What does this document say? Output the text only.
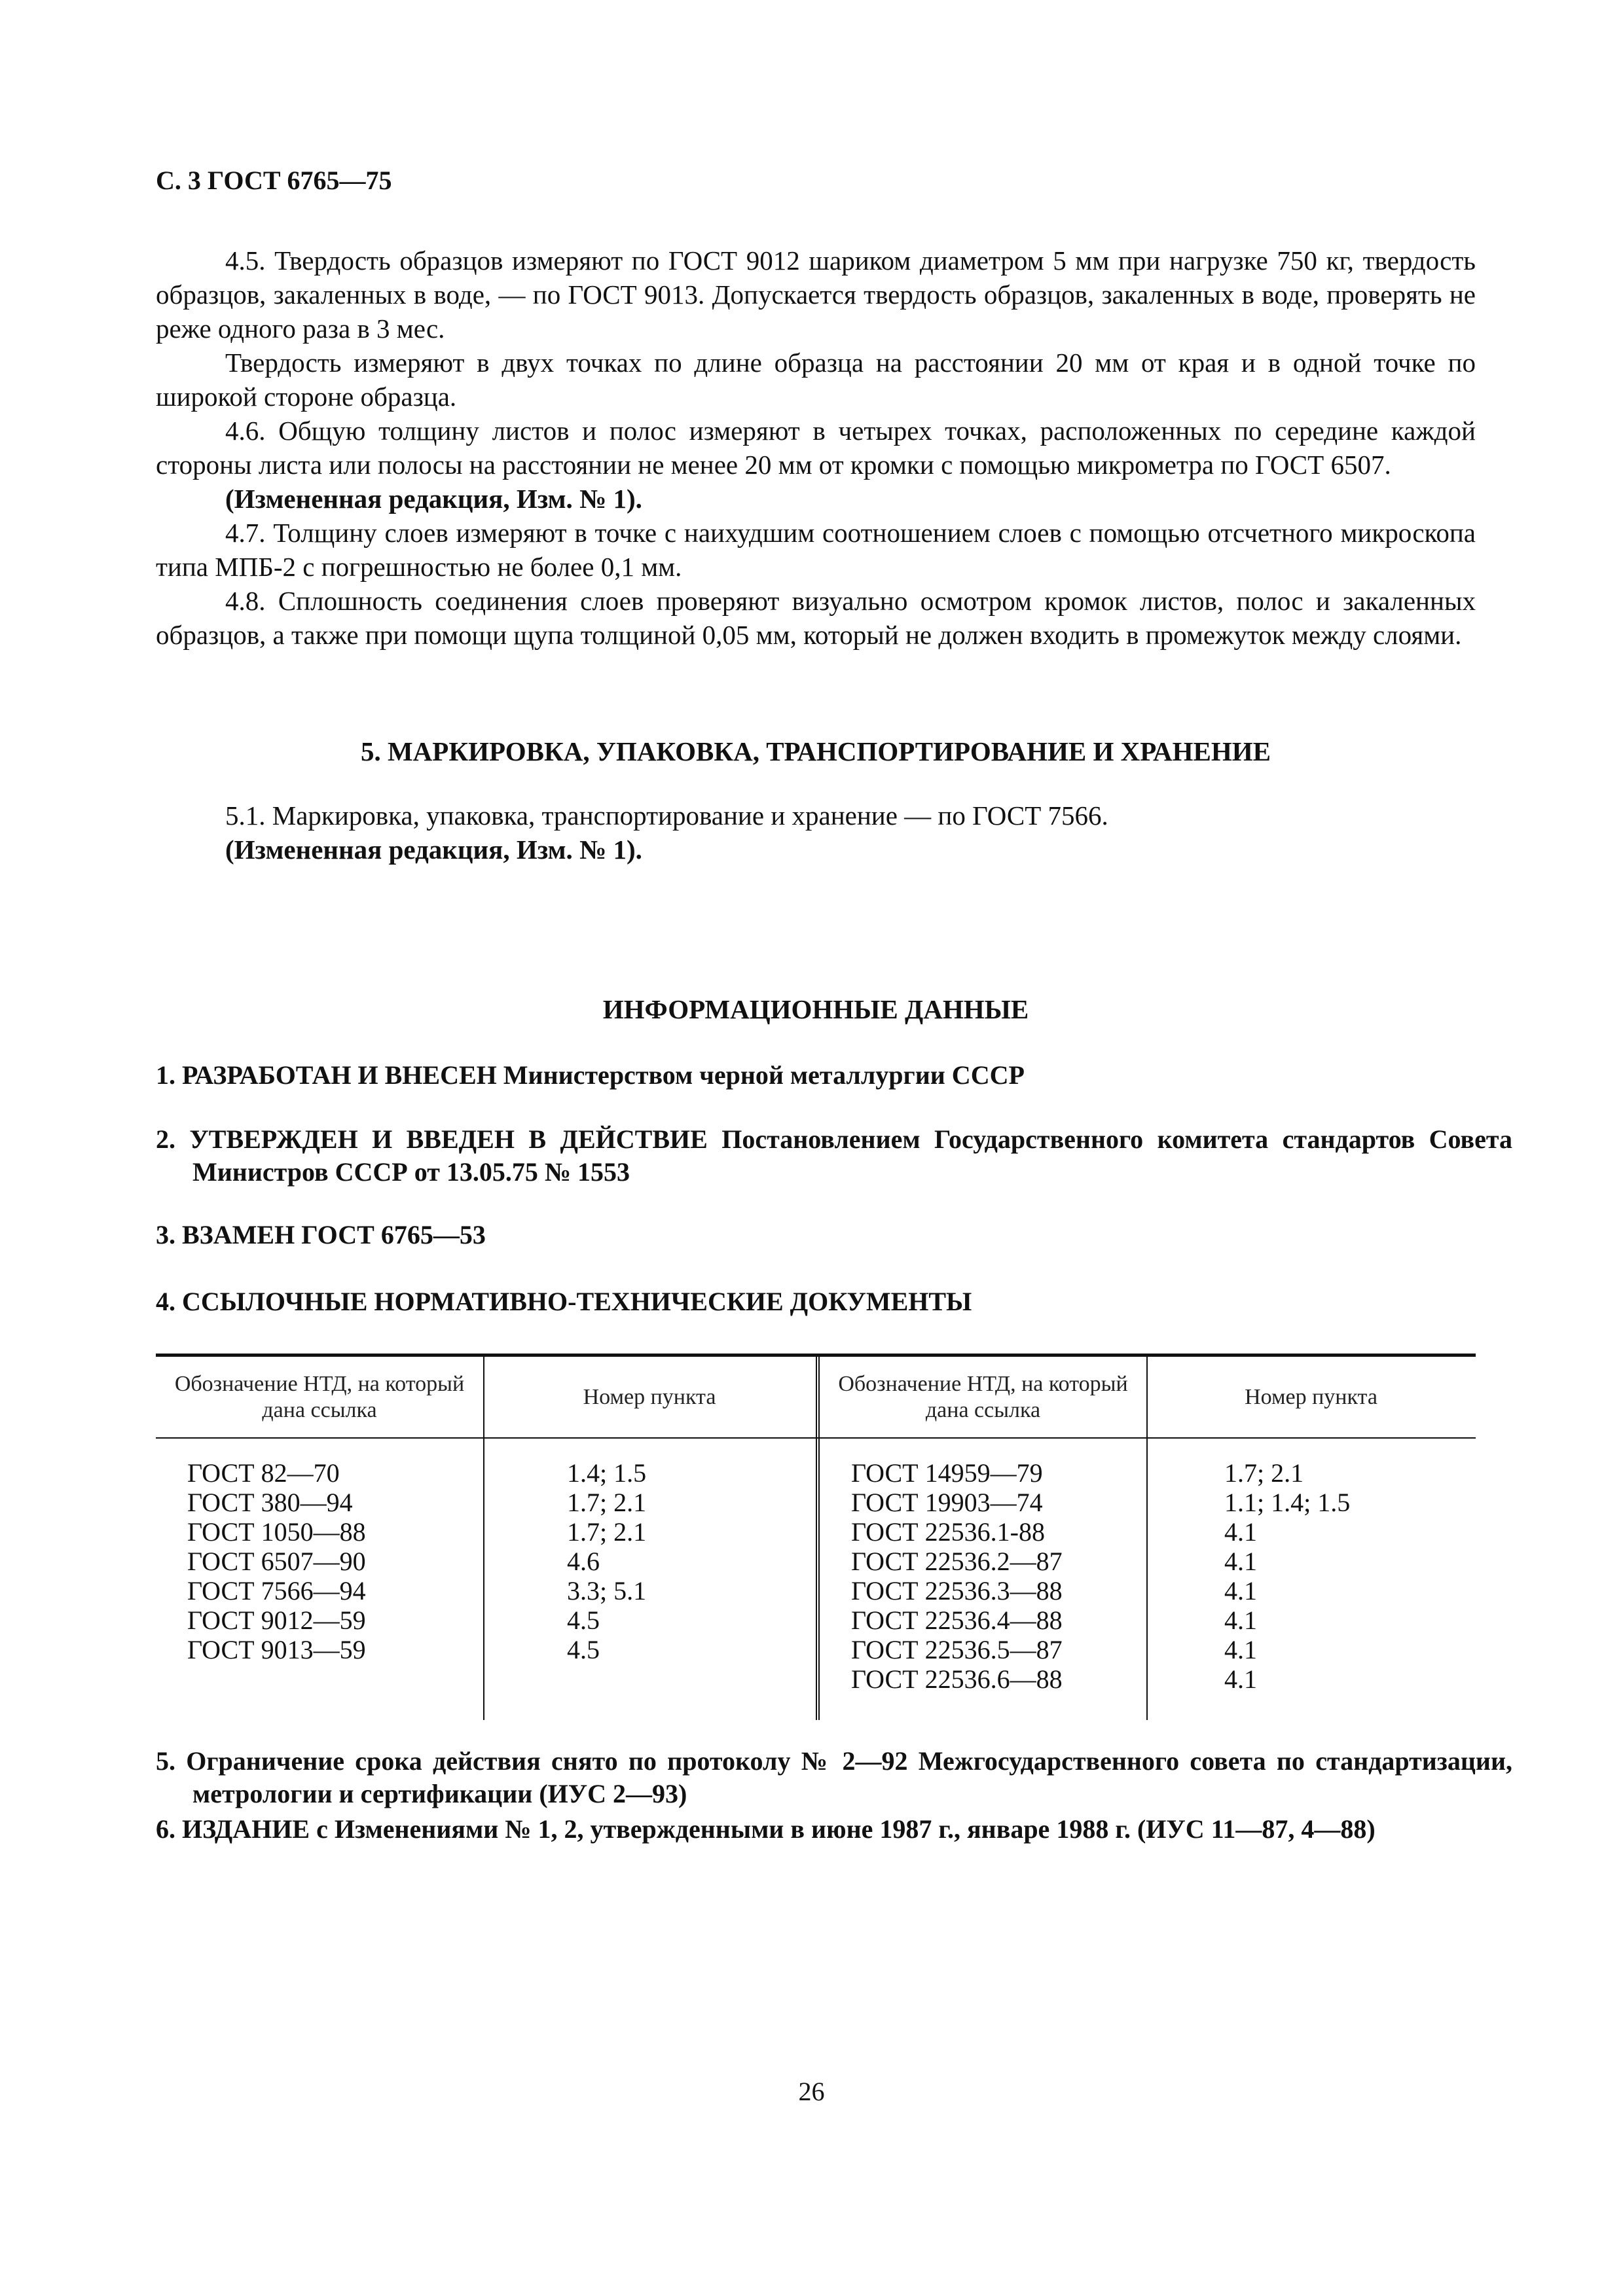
С. 3 ГОСТ 6765—75

4.5. Твердость образцов измеряют по ГОСТ 9012 шариком диаметром 5 мм при нагрузке 750 кг, твердость образцов, закаленных в воде, — по ГОСТ 9013. Допускается твердость образцов, закаленных в воде, проверять не реже одного раза в 3 мес.

Твердость измеряют в двух точках по длине образца на расстоянии 20 мм от края и в одной точке по широкой стороне образца.

4.6. Общую толщину листов и полос измеряют в четырех точках, расположенных по середине каждой стороны листа или полосы на расстоянии не менее 20 мм от кромки с помощью микрометра по ГОСТ 6507.

(Измененная редакция, Изм. № 1).

4.7. Толщину слоев измеряют в точке с наихудшим соотношением слоев с помощью отсчетного микроскопа типа МПБ-2 с погрешностью не более 0,1 мм.

4.8. Сплошность соединения слоев проверяют визуально осмотром кромок листов, полос и закаленных образцов, а также при помощи щупа толщиной 0,05 мм, который не должен входить в промежуток между слоями.

5. МАРКИРОВКА, УПАКОВКА, ТРАНСПОРТИРОВАНИЕ И ХРАНЕНИЕ

5.1. Маркировка, упаковка, транспортирование и хранение — по ГОСТ 7566.

(Измененная редакция, Изм. № 1).

ИНФОРМАЦИОННЫЕ ДАННЫЕ
1. РАЗРАБОТАН И ВНЕСЕН Министерством черной металлургии СССР
2. УТВЕРЖДЕН И ВВЕДЕН В ДЕЙСТВИЕ Постановлением Государственного комитета стандартов Совета Министров СССР от 13.05.75 № 1553
3. ВЗАМЕН ГОСТ 6765—53
4. ССЫЛОЧНЫЕ НОРМАТИВНО-ТЕХНИЧЕСКИЕ ДОКУМЕНТЫ
Обозначение НТД, на который дана ссылка
Номер пункта
Обозначение НТД, на который дана ссылка
Номер пункта
ГОСТ 82—70
ГОСТ 380—94
ГОСТ 1050—88
ГОСТ 6507—90
ГОСТ 7566—94
ГОСТ 9012—59
ГОСТ 9013—59
1.4; 1.5
1.7; 2.1
1.7; 2.1
4.6
3.3; 5.1
4.5
4.5
ГОСТ 14959—79
ГОСТ 19903—74
ГОСТ 22536.1-88
ГОСТ 22536.2—87
ГОСТ 22536.3—88
ГОСТ 22536.4—88
ГОСТ 22536.5—87
ГОСТ 22536.6—88
1.7; 2.1
1.1; 1.4; 1.5
4.1
4.1
4.1
4.1
4.1
4.1
5. Ограничение срока действия снято по протоколу № 2—92 Межгосударственного совета по стандартизации, метрологии и сертификации (ИУС 2—93)
6. ИЗДАНИЕ с Изменениями № 1, 2, утвержденными в июне 1987 г., январе 1988 г. (ИУС 11—87, 4—88)
26
